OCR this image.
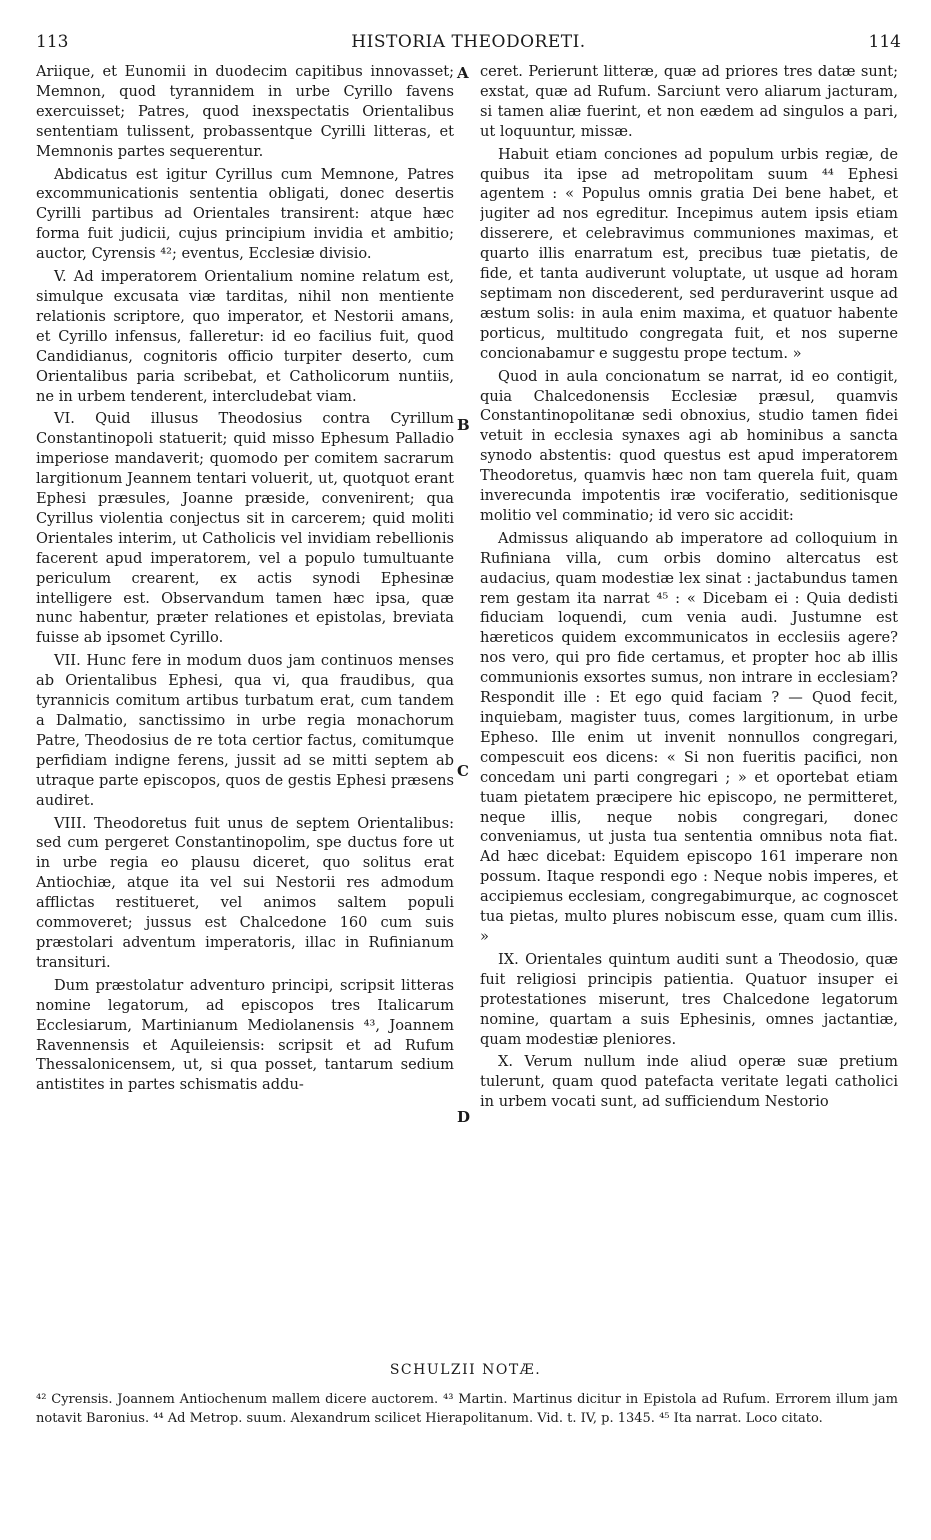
113	HISTORIA THEODORETI.	114
A
B
C
D

Ariique, et Eunomii in duodecim capitibus innovasset; Memnon, quod tyrannidem in urbe Cyrillo favens exercuisset; Patres, quod inexspectatis Orientalibus sententiam tulissent, probassentque Cyrilli litteras, et Memnonis partes sequerentur.

Abdicatus est igitur Cyrillus cum Memnone, Patres excommunicationis sententia obligati, donec desertis Cyrilli partibus ad Orientales transirent: atque hæc forma fuit judicii, cujus principium invidia et ambitio; auctor, Cyrensis ⁴²; eventus, Ecclesiæ divisio.

V. Ad imperatorem Orientalium nomine relatum est, simulque excusata viæ tarditas, nihil non mentiente relationis scriptore, quo imperator, et Nestorii amans, et Cyrillo infensus, falleretur: id eo facilius fuit, quod Candidianus, cognitoris officio turpiter deserto, cum Orientalibus paria scribebat, et Catholicorum nuntiis, ne in urbem tenderent, intercludebat viam.

VI. Quid illusus Theodosius contra Cyrillum Constantinopoli statuerit; quid misso Ephesum Palladio imperiose mandaverit; quomodo per comitem sacrarum largitionum Jeannem tentari voluerit, ut, quotquot erant Ephesi præsules, Joanne præside, convenirent; qua Cyrillus violentia conjectus sit in carcerem; quid moliti Orientales interim, ut Catholicis vel invidiam rebellionis facerent apud imperatorem, vel a populo tumultuante periculum crearent, ex actis synodi Ephesinæ intelligere est. Observandum tamen hæc ipsa, quæ nunc habentur, præter relationes et epistolas, breviata fuisse ab ipsomet Cyrillo.

VII. Hunc fere in modum duos jam continuos menses ab Orientalibus Ephesi, qua vi, qua fraudibus, qua tyrannicis comitum artibus turbatum erat, cum tandem a Dalmatio, sanctissimo in urbe regia monachorum Patre, Theodosius de re tota certior factus, comitumque perfidiam indigne ferens, jussit ad se mitti septem ab utraque parte episcopos, quos de gestis Ephesi præsens audiret.

VIII. Theodoretus fuit unus de septem Orientalibus: sed cum pergeret Constantinopolim, spe ductus fore ut in urbe regia eo plausu diceret, quo solitus erat Antiochiæ, atque ita vel sui Nestorii res admodum afflictas restitueret, vel animos saltem populi commoveret; jussus est Chalcedone 160 cum suis præstolari adventum imperatoris, illac in Rufinianum transituri.

Dum præstolatur adventuro principi, scripsit litteras nomine legatorum, ad episcopos tres Italicarum Ecclesiarum, Martinianum Mediolanensis ⁴³, Joannem Ravennensis et Aquileiensis: scripsit et ad Rufum Thessalonicensem, ut, si qua posset, tantarum sedium antistites in partes schismatis addu-

ceret. Perierunt litteræ, quæ ad priores tres datæ sunt; exstat, quæ ad Rufum. Sarciunt vero aliarum jacturam, si tamen aliæ fuerint, et non eædem ad singulos a pari, ut loquuntur, missæ.

Habuit etiam conciones ad populum urbis regiæ, de quibus ita ipse ad metropolitam suum ⁴⁴ Ephesi agentem : « Populus omnis gratia Dei bene habet, et jugiter ad nos egreditur. Incepimus autem ipsis etiam disserere, et celebravimus communiones maximas, et quarto illis enarratum est, precibus tuæ pietatis, de fide, et tanta audiverunt voluptate, ut usque ad horam septimam non discederent, sed perduraverint usque ad æstum solis: in aula enim maxima, et quatuor habente porticus, multitudo congregata fuit, et nos superne concionabamur e suggestu prope tectum. »

Quod in aula concionatum se narrat, id eo contigit, quia Chalcedonensis Ecclesiæ præsul, quamvis Constantinopolitanæ sedi obnoxius, studio tamen fidei vetuit in ecclesia synaxes agi ab hominibus a sancta synodo abstentis: quod questus est apud imperatorem Theodoretus, quamvis hæc non tam querela fuit, quam inverecunda impotentis iræ vociferatio, seditionisque molitio vel comminatio; id vero sic accidit:

Admissus aliquando ab imperatore ad colloquium in Rufiniana villa, cum orbis domino altercatus est audacius, quam modestiæ lex sinat : jactabundus tamen rem gestam ita narrat ⁴⁵ : « Dicebam ei : Quia dedisti fiduciam loquendi, cum venia audi. Justumne est hæreticos quidem excommunicatos in ecclesiis agere? nos vero, qui pro fide certamus, et propter hoc ab illis communionis exsortes sumus, non intrare in ecclesiam? Respondit ille : Et ego quid faciam ? — Quod fecit, inquiebam, magister tuus, comes largitionum, in urbe Epheso. Ille enim ut invenit nonnullos congregari, compescuit eos dicens: « Si non fueritis pacifici, non concedam uni parti congregari ; » et oportebat etiam tuam pietatem præcipere hic episcopo, ne permitteret, neque illis, neque nobis congregari, donec conveniamus, ut justa tua sententia omnibus nota fiat. Ad hæc dicebat: Equidem episcopo 161 imperare non possum. Itaque respondi ego : Neque nobis imperes, et accipiemus ecclesiam, congregabimurque, ac cognoscet tua pietas, multo plures nobiscum esse, quam cum illis. »

IX. Orientales quintum auditi sunt a Theodosio, quæ fuit religiosi principis patientia. Quatuor insuper ei protestationes miserunt, tres Chalcedone legatorum nomine, quartam a suis Ephesinis, omnes jactantiæ, quam modestiæ pleniores.

X. Verum nullum inde aliud operæ suæ pretium tulerunt, quam quod patefacta veritate legati catholici in urbem vocati sunt, ad sufficiendum Nestorio

SCHULZII NOTÆ.
⁴² Cyrensis. Joannem Antiochenum mallem dicere auctorem. ⁴³ Martin. Martinus dicitur in Epistola ad Rufum. Errorem illum jam notavit Baronius. ⁴⁴ Ad Metrop. suum. Alexandrum scilicet Hierapolitanum. Vid. t. IV, p. 1345. ⁴⁵ Ita narrat. Loco citato.
